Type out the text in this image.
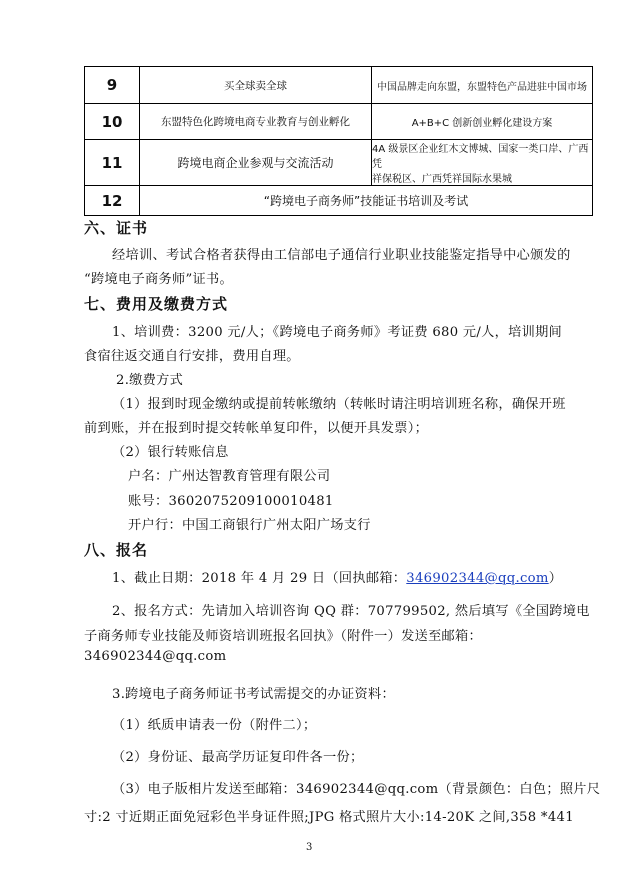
9	买全球卖全球	中国品牌走向东盟，东盟特色产品进驻中国市场
10	东盟特色化跨境电商专业教育与创业孵化	A+B+C 创新创业孵化建设方案
11	跨境电商企业参观与交流活动	4A 级景区企业红木文博城、国家一类口岸、广西凭
祥保税区、广西凭祥国际水果城

12	“跨境电子商务师”技能证书培训及考试	
六、证书
经培训、考试合格者获得由工信部电子通信行业职业技能鉴定指导中心颁发的
“跨境电子商务师”证书。
七、费用及缴费方式
1、培训费：3200 元/人；《跨境电子商务师》考证费 680 元/人，培训期间
食宿往返交通自行安排，费用自理。
2.缴费方式
（1）报到时现金缴纳或提前转帐缴纳（转帐时请注明培训班名称，确保开班
前到账，并在报到时提交转帐单复印件，以便开具发票）；
（2）银行转账信息
户名：广州达智教育管理有限公司
账号：3602075209100010481
开户行：中国工商银行广州太阳广场支行
八、报名
1、截止日期：2018 年 4 月 29 日（回执邮箱：346902344@qq.com）
2、报名方式：先请加入培训咨询 QQ 群：707799502, 然后填写《全国跨境电
子商务师专业技能及师资培训班报名回执》（附件一）发送至邮箱：
346902344@qq.com
3.跨境电子商务师证书考试需提交的办证资料：
（1）纸质申请表一份（附件二）；
（2）身份证、最高学历证复印件各一份；
（3）电子版相片发送至邮箱：346902344@qq.com（背景颜色：白色；照片尺
寸:2 寸近期正面免冠彩色半身证件照;JPG 格式照片大小:14-20K 之间,358 *441
3
